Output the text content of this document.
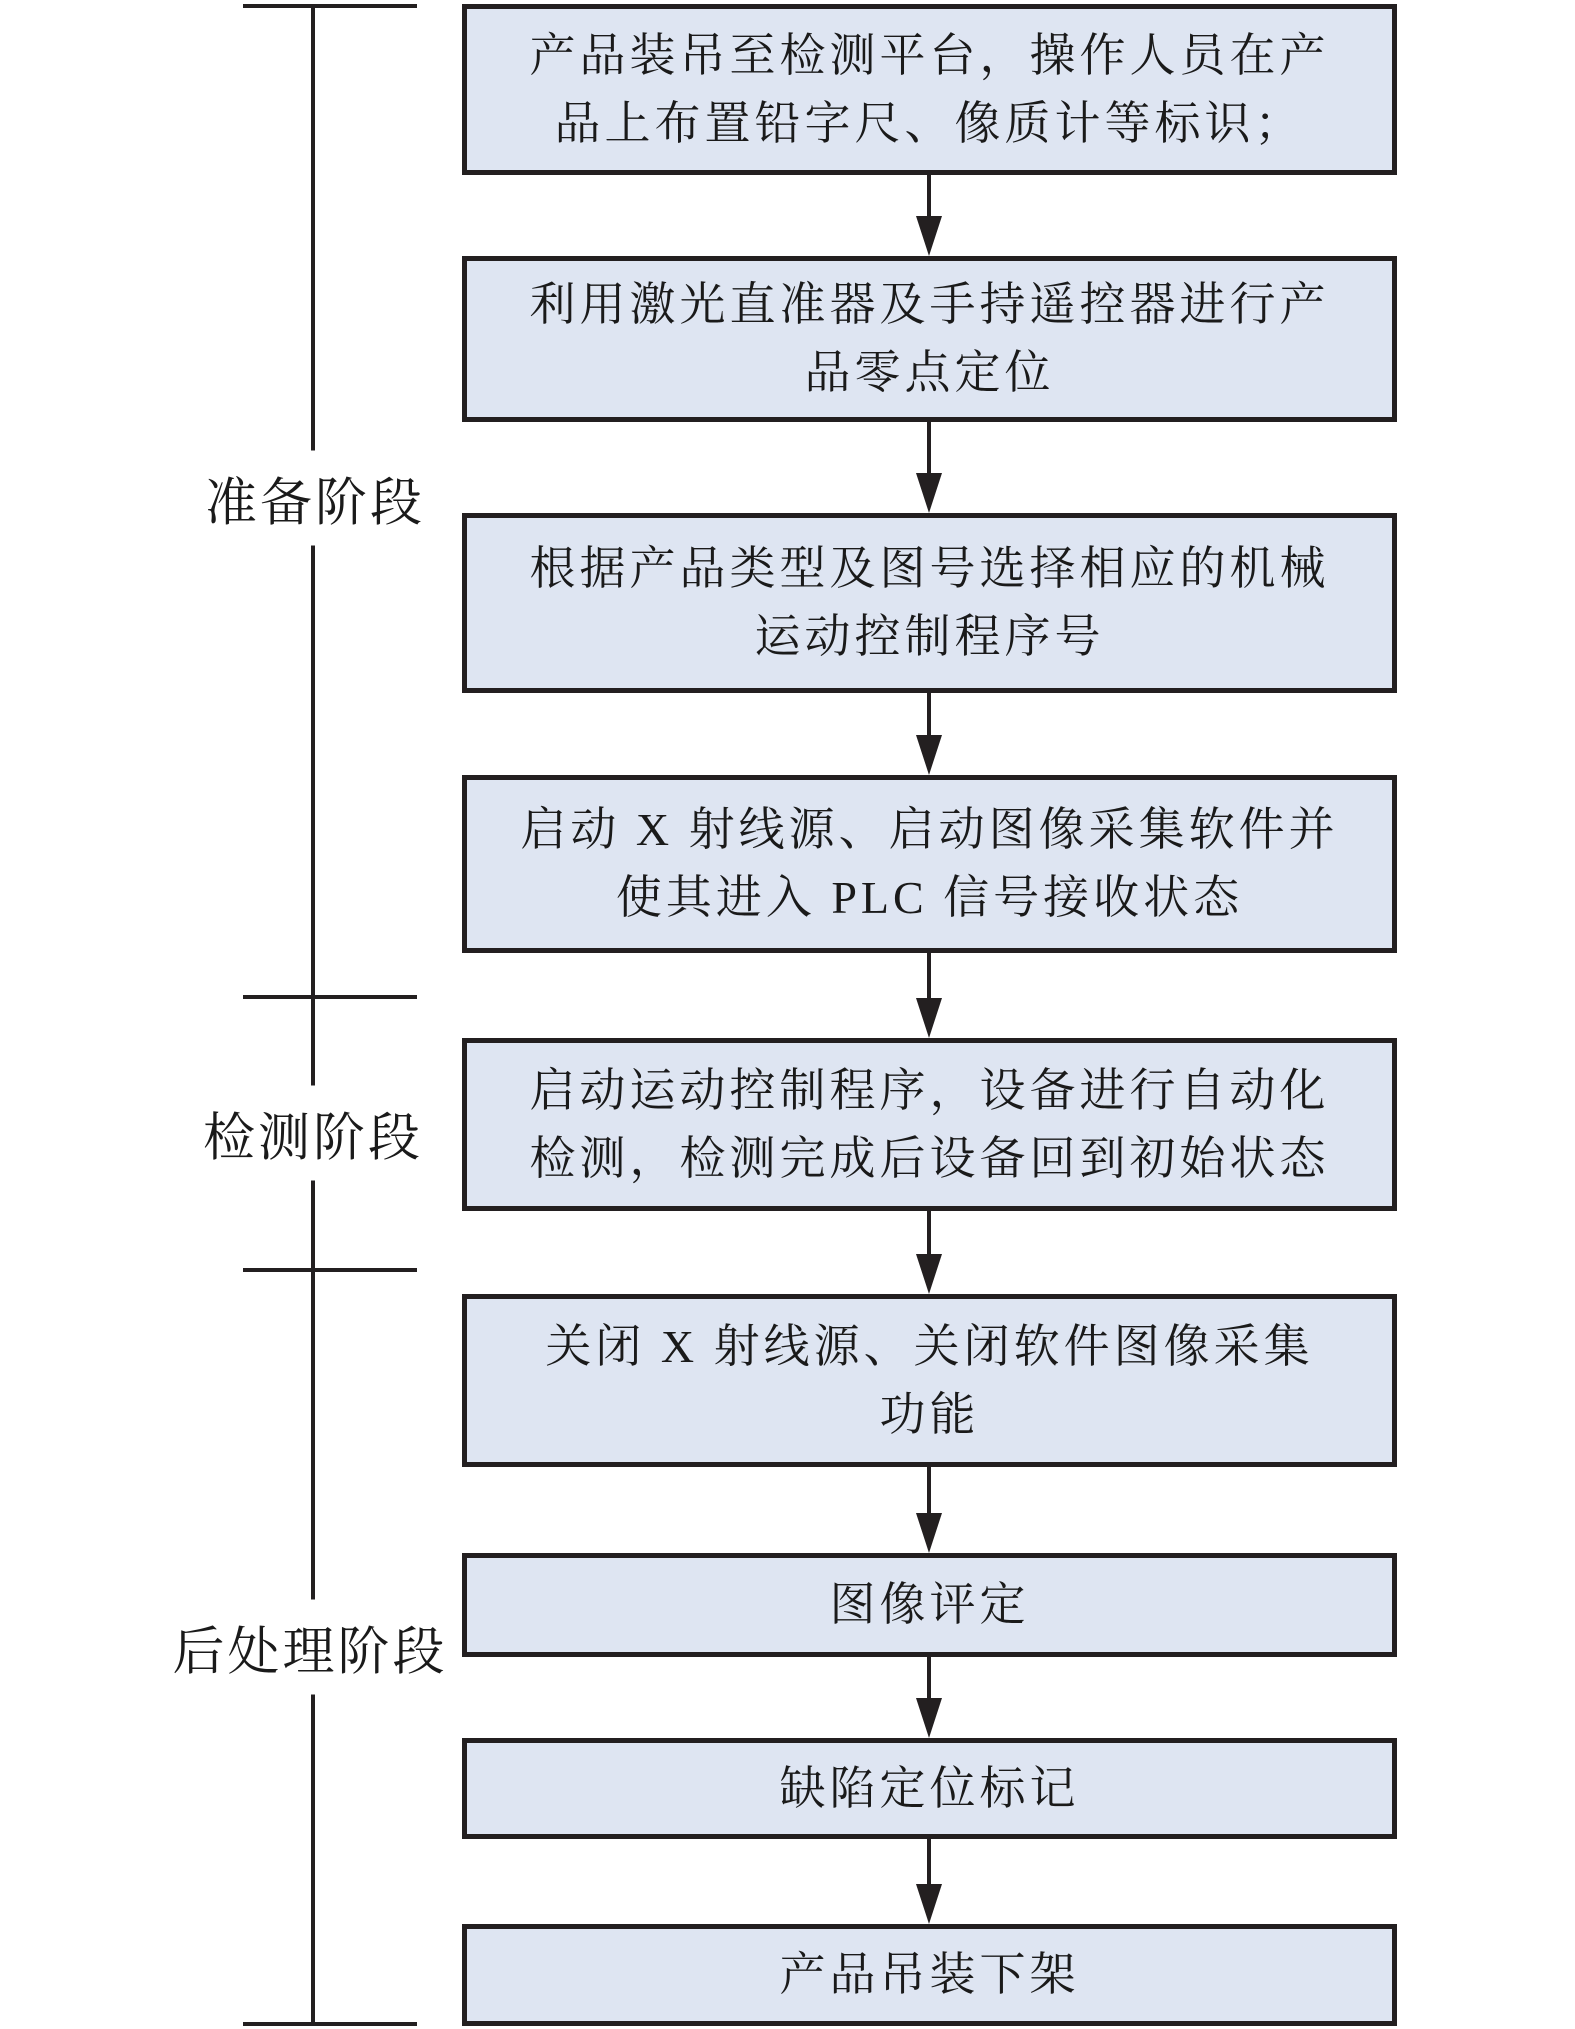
准备阶段
检测阶段
后处理阶段
产品装吊至检测平台，操作人员在产
品上布置铅字尺、像质计等标识；
利用激光直准器及手持遥控器进行产
品零点定位
根据产品类型及图号选择相应的机械
运动控制程序号
启动 X 射线源、启动图像采集软件并
使其进入 PLC 信号接收状态
启动运动控制程序，设备进行自动化
检测，检测完成后设备回到初始状态
关闭 X 射线源、关闭软件图像采集
功能
图像评定
缺陷定位标记
产品吊装下架
